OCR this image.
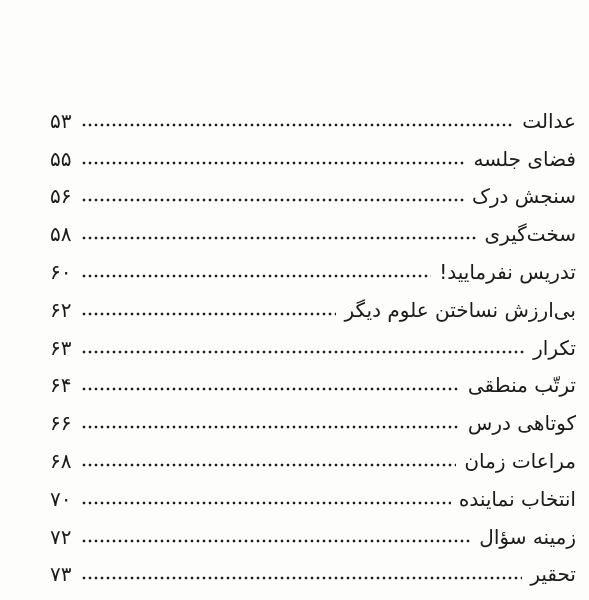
عدالت
۵۳
فضای جلسه
۵۵
سنجش درک
۵۶
سخت‌گیری
۵۸
تدریس نفرمایید!
۶۰
بی‌ارزش نساختن علوم دیگر
۶۲
تکرار
۶۳
ترتّب منطقی
۶۴
کوتاهی درس
۶۶
مراعات زمان
۶۸
انتخاب نماینده
۷۰
زمینه سؤال
۷۲
تحقیر
۷۳
